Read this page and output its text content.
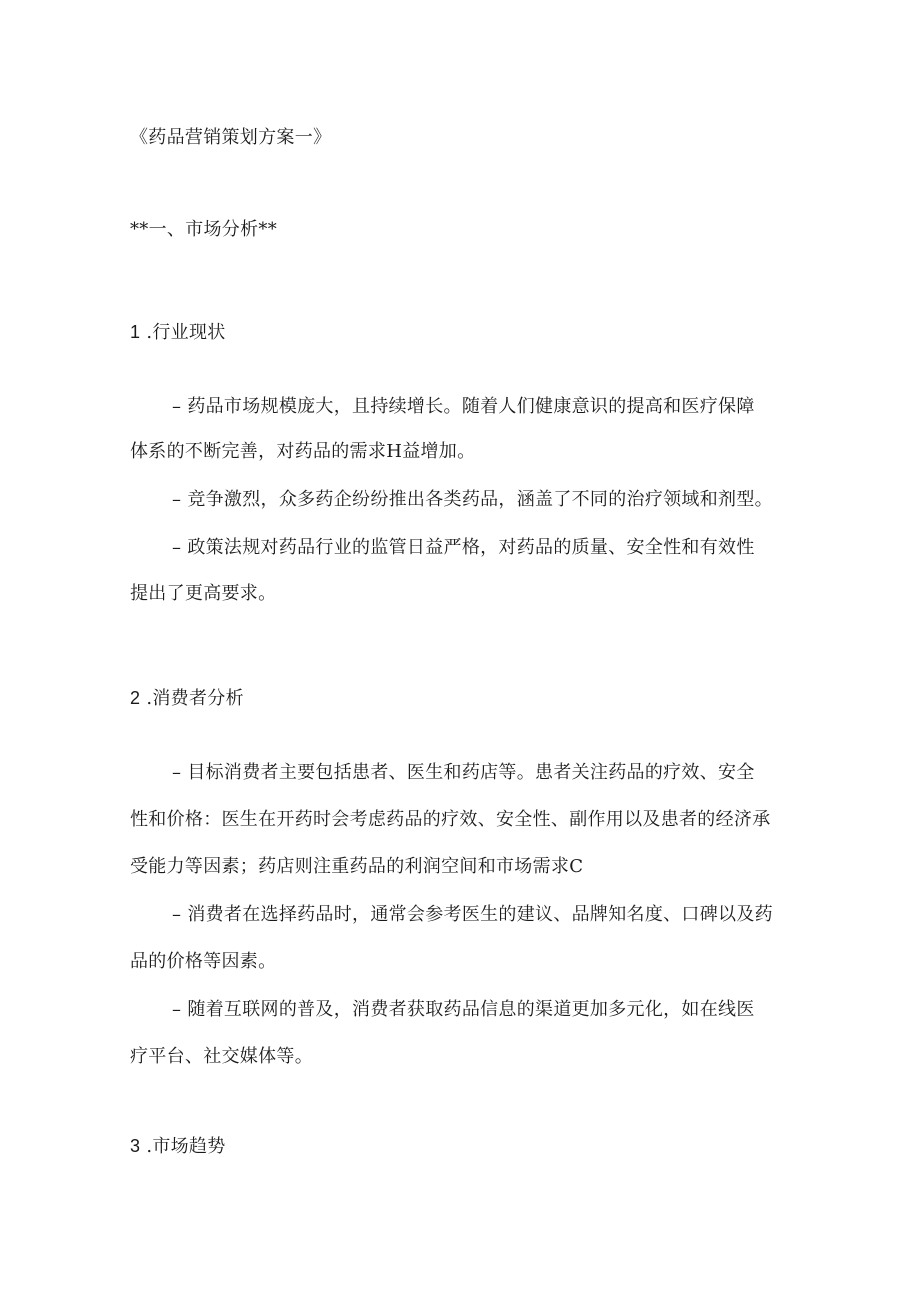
《药品营销策划方案一》
**一、市场分析**
1 .行业现状
– 药品市场规模庞大，且持续增长。随着人们健康意识的提高和医疗保障
体系的不断完善，对药品的需求H益增加。
– 竞争激烈，众多药企纷纷推出各类药品，涵盖了不同的治疗领域和剂型。
– 政策法规对药品行业的监管日益严格，对药品的质量、安全性和有效性
提出了更高要求。
2 .消费者分析
– 目标消费者主要包括患者、医生和药店等。患者关注药品的疗效、安全
性和价格：医生在开药时会考虑药品的疗效、安全性、副作用以及患者的经济承
受能力等因素；药店则注重药品的利润空间和市场需求C
– 消费者在选择药品时，通常会参考医生的建议、品牌知名度、口碑以及药
品的价格等因素。
– 随着互联网的普及，消费者获取药品信息的渠道更加多元化，如在线医
疗平台、社交媒体等。
3 .市场趋势
